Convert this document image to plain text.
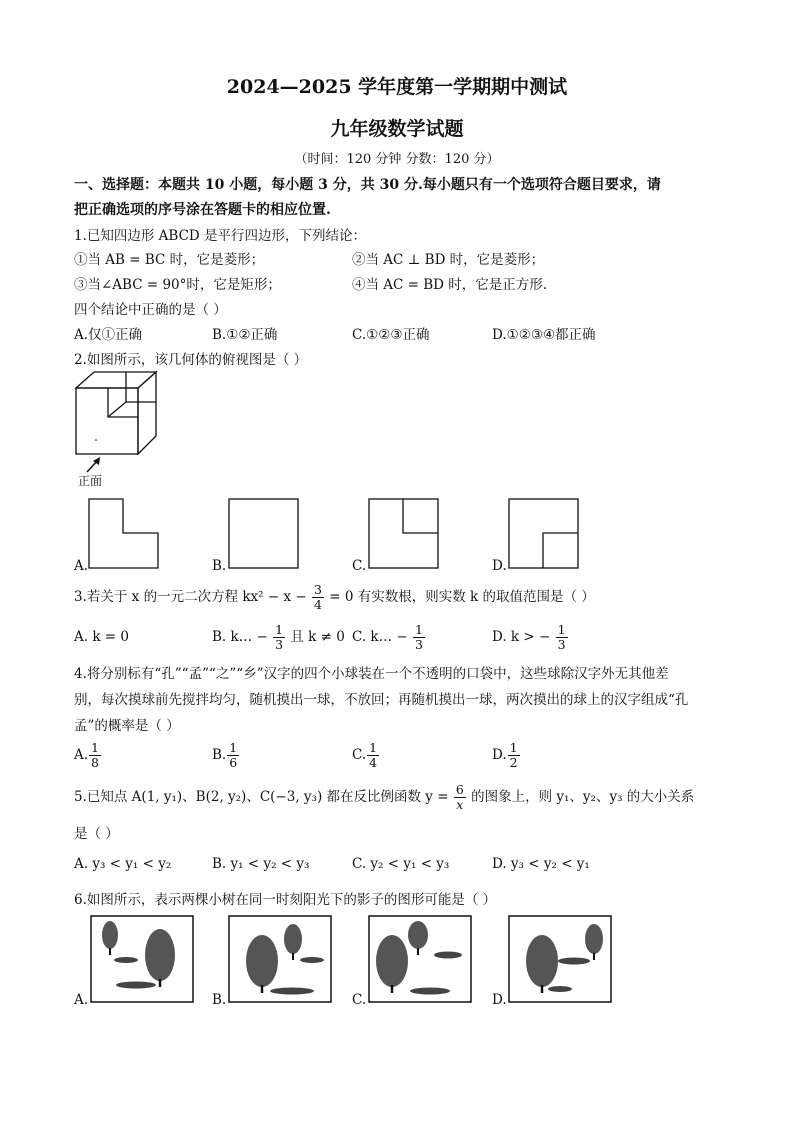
2024—2025 学年度第一学期期中测试
九年级数学试题
（时间：120 分钟 分数：120 分）
一、选择题：本题共 10 小题，每小题 3 分，共 30 分.每小题只有一个选项符合题目要求，请
把正确选项的序号涂在答题卡的相应位置.
1.已知四边形 ABCD 是平行四边形，下列结论：
①当 AB = BC 时，它是菱形；	②当 AC ⊥ BD 时，它是菱形；
③当∠ABC = 90°时，它是矩形；	④当 AC = BD 时，它是正方形.
四个结论中正确的是（ ）
A.仅①正确	B.①②正确	C.①②③正确	D.①②③④都正确
2.如图所示，该几何体的俯视图是（ ）
正面
A.	B.	C.	D.
3.若关于 x 的一元二次方程 $kx^2 - x - \frac{3}{4} = 0$ 有实数根，则实数 k 的取值范围是（ ）
A. k = 0	B. k… − $\frac{1}{3}$ 且 k ≠ 0 C. k… − $\frac{1}{3}$	D. k > − $\frac{1}{3}$
4.将分别标有“孔”“孟”“之”“乡”汉字的四个小球装在一个不透明的口袋中，这些球除汉字外无其他差
别，每次摸球前先搅拌均匀，随机摸出一球，不放回；再随机摸出一球，两次摸出的球上的汉字组成“孔
孟”的概率是（ ）
A. $\frac{1}{8}$	B. $\frac{1}{6}$	C. $\frac{1}{4}$	D. $\frac{1}{2}$
5.已知点 A(1, y₁)、B(2, y₂)、C(−3, y₃) 都在反比例函数 $y = \frac{6}{x}$ 的图象上，则 y₁、y₂、y₃ 的大小关系
是（ ）
A. y₃ < y₁ < y₂	B. y₁ < y₂ < y₃	C. y₂ < y₁ < y₃	D. y₃ < y₂ < y₁
6.如图所示，表示两棵小树在同一时刻阳光下的影子的图形可能是（ ）
A.	B.	C.	D.
